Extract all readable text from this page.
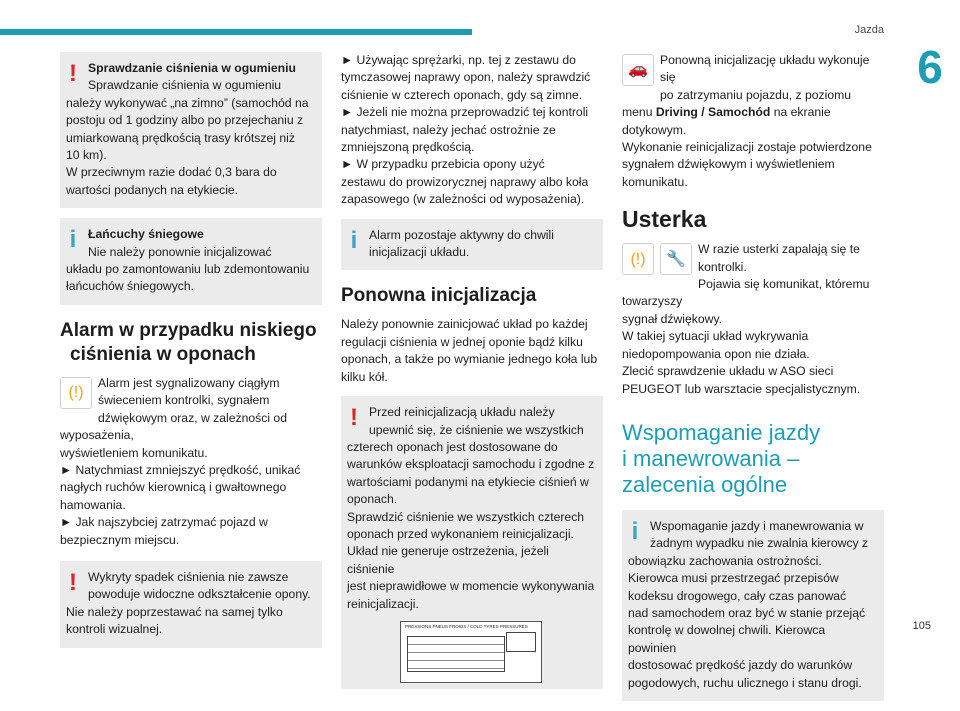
Jazda
6
! Sprawdzanie ciśnienia w ogumieniu
Sprawdzanie ciśnienia w ogumieniu
należy wykonywać „na zimno” (samochód na
postoju od 1 godziny albo po przejechaniu z
umiarkowaną prędkością trasy krótszej niż
10 km).
W przeciwnym razie dodać 0,3 bara do
wartości podanych na etykiecie.
i Łańcuchy śniegowe
Nie należy ponownie inicjalizować
układu po zamontowaniu lub zdemontowaniu
łańcuchów śniegowych.
Alarm w przypadku niskiego
ciśnienia w oponach
(!)
Alarm jest sygnalizowany ciągłym
świeceniem kontrolki, sygnałem
dźwiękowym oraz, w zależności od wyposażenia,
wyświetleniem komunikatu.
► Natychmiast zmniejszyć prędkość, unikać
nagłych ruchów kierownicą i gwałtownego
hamowania.
► Jak najszybciej zatrzymać pojazd w
bezpiecznym miejscu.
! Wykryty spadek ciśnienia nie zawsze
powoduje widoczne odkształcenie opony.
Nie należy poprzestawać na samej tylko
kontroli wizualnej.
► Używając sprężarki, np. tej z zestawu do
tymczasowej naprawy opon, należy sprawdzić
ciśnienie w czterech oponach, gdy są zimne.
► Jeżeli nie można przeprowadzić tej kontroli
natychmiast, należy jechać ostrożnie ze
zmniejszoną prędkością.
► W przypadku przebicia opony użyć
zestawu do prowizorycznej naprawy albo koła
zapasowego (w zależności od wyposażenia).
i Alarm pozostaje aktywny do chwili
inicjalizacji układu.
Ponowna inicjalizacja
Należy ponownie zainicjować układ po każdej
regulacji ciśnienia w jednej oponie bądź kilku
oponach, a także po wymianie jednego koła lub
kilku kół.
! Przed reinicjalizacją układu należy
upewnić się, że ciśnienie we wszystkich
czterech oponach jest dostosowane do
warunków eksploatacji samochodu i zgodne z
wartościami podanymi na etykiecie ciśnień w
oponach.
Sprawdzić ciśnienie we wszystkich czterech
oponach przed wykonaniem reinicjalizacji.
Układ nie generuje ostrzeżenia, jeżeli ciśnienie
jest nieprawidłowe w momencie wykonywania
reinicjalizacji.
PRESSIONS PNEUS FROIDS / COLD TYRES PRESSURES
🚗
Ponowną inicjalizację układu wykonuje się
po zatrzymaniu pojazdu, z poziomu
menu Driving / Samochód na ekranie
dotykowym.
Wykonanie reinicjalizacji zostaje potwierdzone
sygnałem dźwiękowym i wyświetleniem
komunikatu.
Usterka
(!)	🔧
W razie usterki zapalają się te
kontrolki.
Pojawia się komunikat, któremu towarzyszy
sygnał dźwiękowy.
W takiej sytuacji układ wykrywania
niedopompowania opon nie działa.
Zlecić sprawdzenie układu w ASO sieci
PEUGEOT lub warsztacie specjalistycznym.
Wspomaganie jazdy
i manewrowania –
zalecenia ogólne
i Wspomaganie jazdy i manewrowania w
żadnym wypadku nie zwalnia kierowcy z
obowiązku zachowania ostrożności.
Kierowca musi przestrzegać przepisów
kodeksu drogowego, cały czas panować
nad samochodem oraz być w stanie przejąć
kontrolę w dowolnej chwili. Kierowca powinien
dostosować prędkość jazdy do warunków
pogodowych, ruchu ulicznego i stanu drogi.
105
